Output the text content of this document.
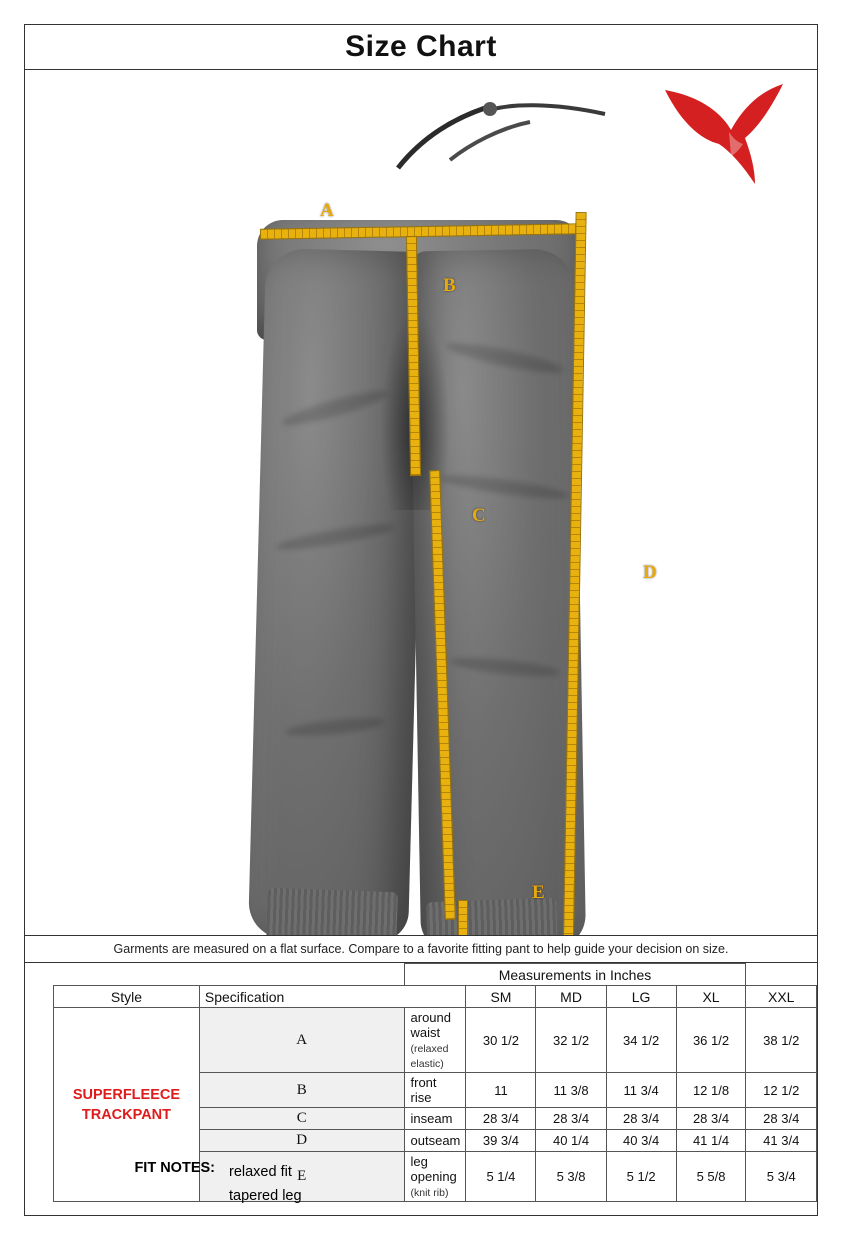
Size Chart
A
B
C
D
E
Garments are measured on a flat surface. Compare to a favorite fitting pant to help guide your decision on size.
		Measurements in Inches					
Style	Specification		SM	MD	LG	XL	XXL

SUPERFLEECE
TRACKPANT	A	around waist (relaxed elastic)	30 1/2	32 1/2	34 1/2	36 1/2	38 1/2
	B	front rise	11	11 3/8	11 3/4	12 1/8	12 1/2
	C	inseam	28 3/4	28 3/4	28 3/4	28 3/4	28 3/4
	D	outseam	39 3/4	40 1/4	40 3/4	41 1/4	41 3/4
	E	leg opening (knit rib)	5 1/4	5 3/8	5 1/2	5 5/8	5 3/4
FIT NOTES: relaxed fit
tapered leg
